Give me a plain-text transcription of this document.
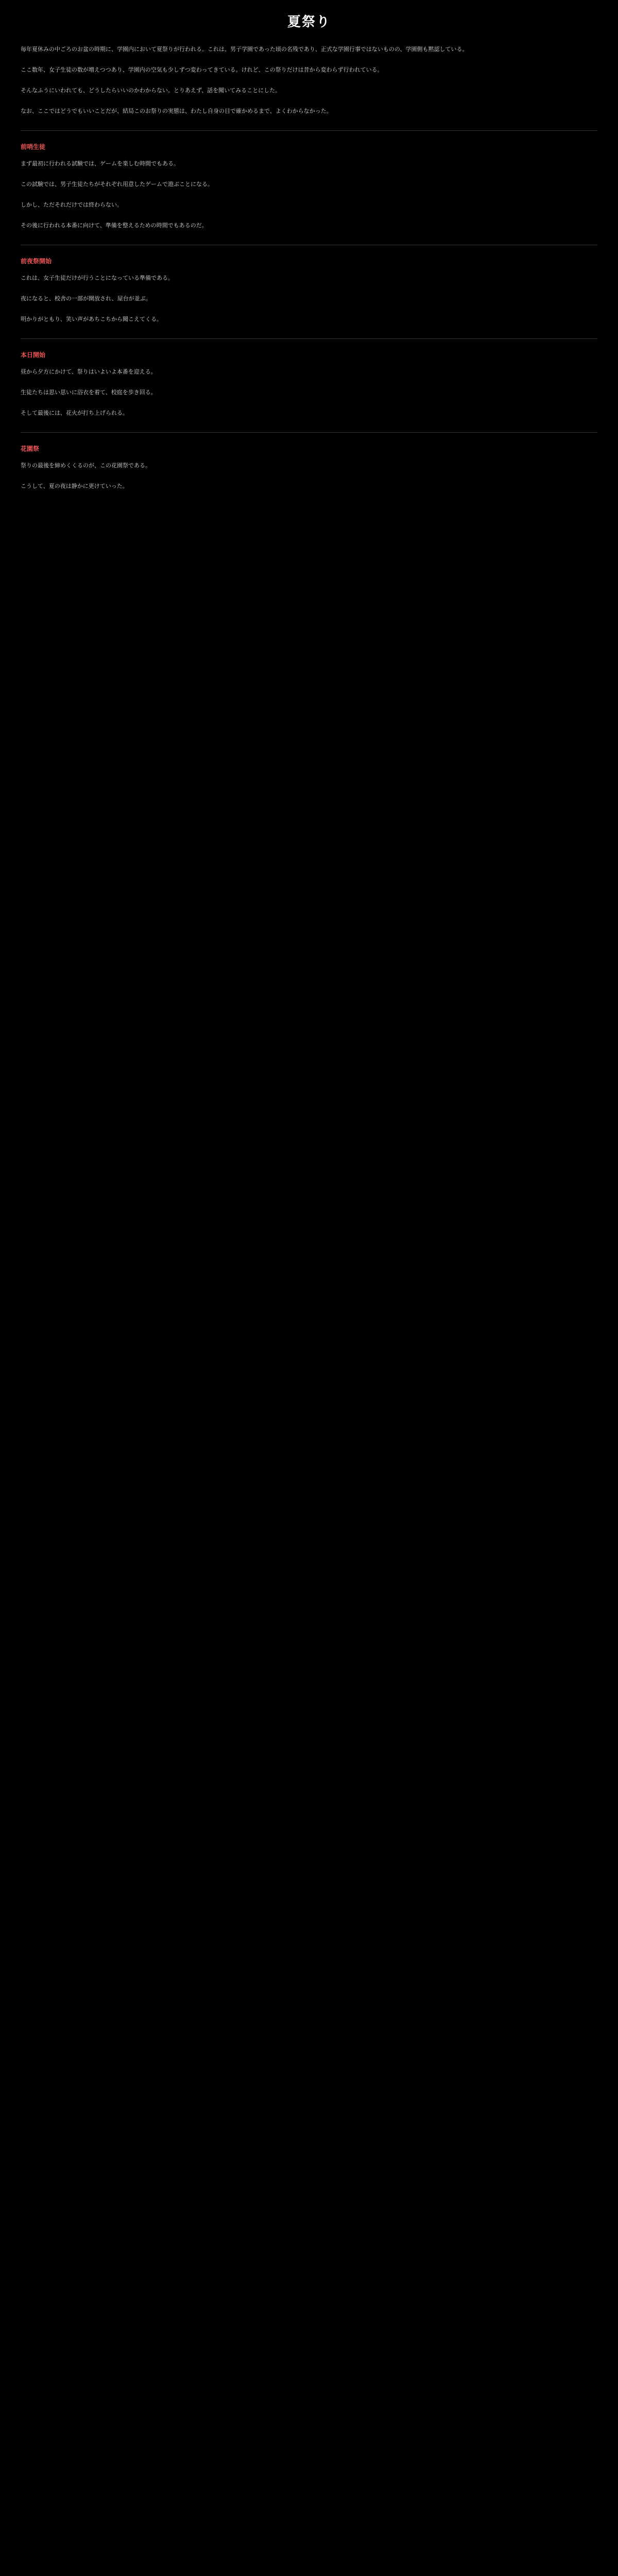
夏祭り

毎年夏休みの中ごろのお盆の時期に、学園内において夏祭りが行われる。これは、男子学園であった頃の名残であり、正式な学園行事ではないものの、学園側も黙認している。

ここ数年、女子生徒の数が増えつつあり、学園内の空気も少しずつ変わってきている。けれど、この祭りだけは昔から変わらず行われている。

そんなふうにいわれても、どうしたらいいのかわからない。とりあえず、話を聞いてみることにした。

なお、ここではどうでもいいことだが、結局このお祭りの実態は、わたし自身の目で確かめるまで、よくわからなかった。

前哨生徒

まず最初に行われる試験では、ゲームを楽しむ時間でもある。

この試験では、男子生徒たちがそれぞれ用意したゲームで遊ぶことになる。

しかし、ただそれだけでは終わらない。

その後に行われる本番に向けて、準備を整えるための時間でもあるのだ。

前夜祭開始

これは、女子生徒だけが行うことになっている準備である。

夜になると、校舎の一部が開放され、屋台が並ぶ。

明かりがともり、笑い声があちこちから聞こえてくる。

本日開始

昼から夕方にかけて、祭りはいよいよ本番を迎える。

生徒たちは思い思いに浴衣を着て、校庭を歩き回る。

そして最後には、花火が打ち上げられる。

花園祭

祭りの最後を締めくくるのが、この花園祭である。

こうして、夏の夜は静かに更けていった。
